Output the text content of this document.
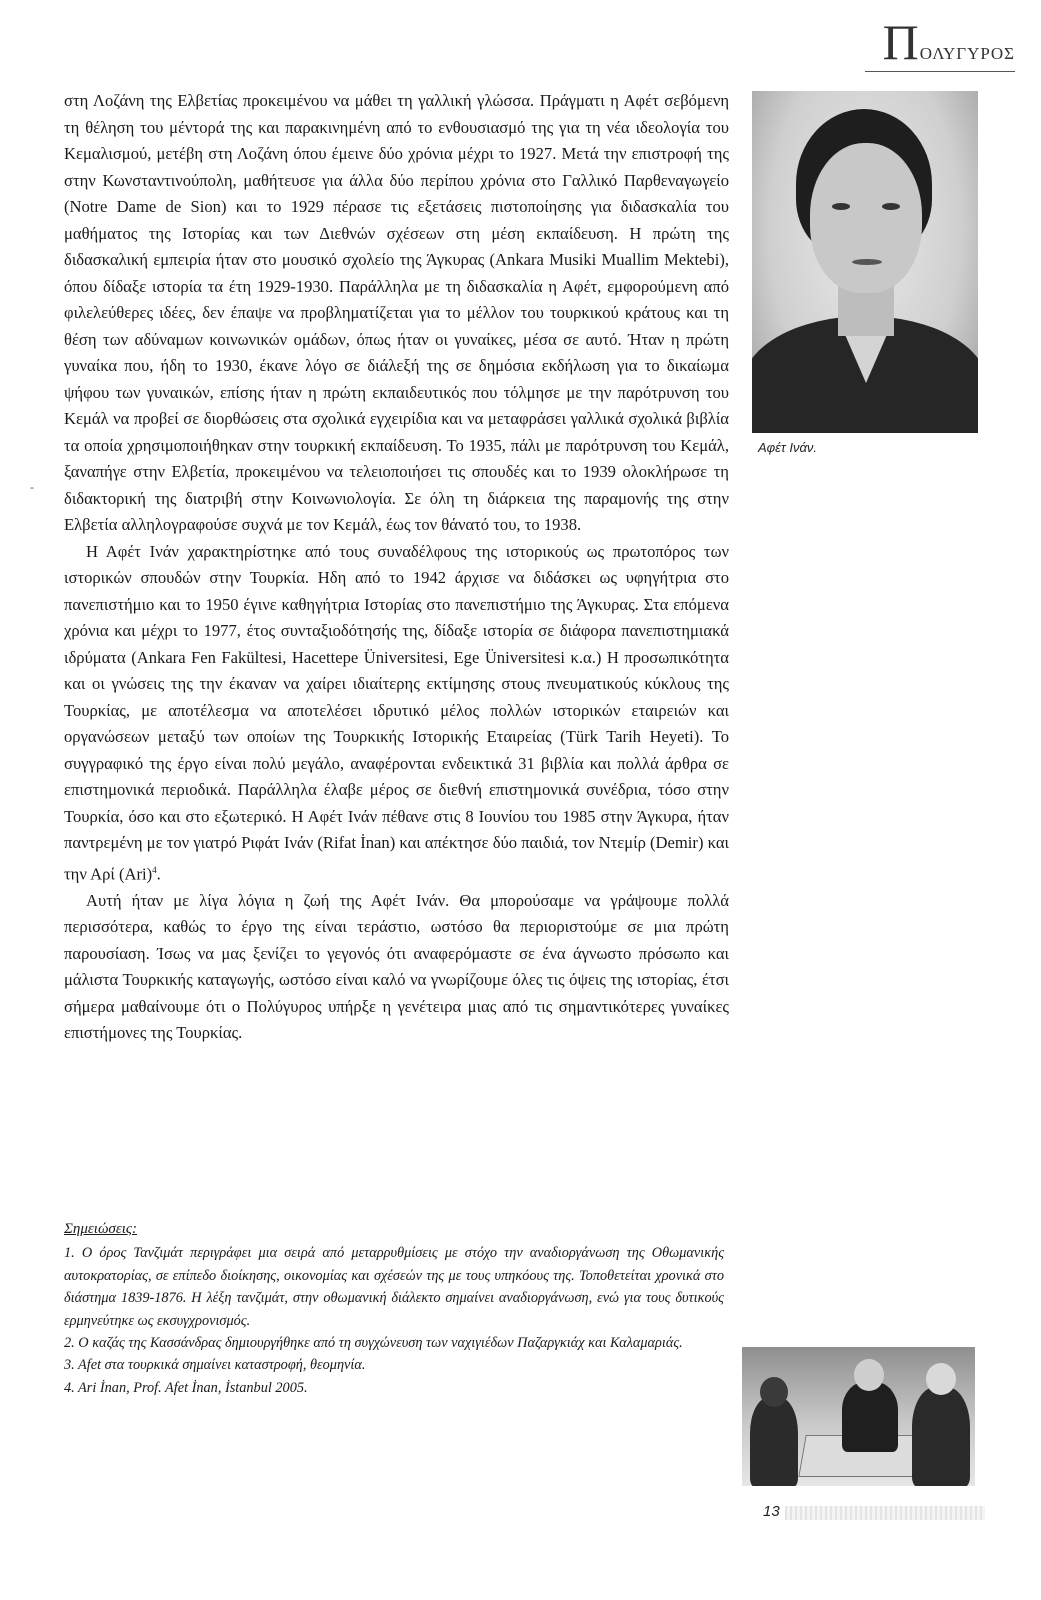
ΠΟΛΥΓΥΡΟΣ
-

στη Λοζάνη της Ελβετίας προκειμένου να μάθει τη γαλλική γλώσσα. Πράγματι η Αφέτ σεβόμενη τη θέληση του μέντορά της και παρακινημένη από το ενθουσιασμό της για τη νέα ιδεολογία του Κεμαλισμού, μετέβη στη Λοζάνη όπου έμεινε δύο χρόνια μέχρι το 1927. Μετά την επιστροφή της στην Κωνσταντινούπολη, μαθήτευσε για άλλα δύο περίπου χρόνια στο Γαλλικό Παρθεναγωγείο (Notre Dame de Sion) και το 1929 πέρασε τις εξετάσεις πιστοποίησης για διδασκαλία του μαθήματος της Ιστορίας και των Διεθνών σχέσεων στη μέση εκπαίδευση. Η πρώτη της διδασκαλική εμπειρία ήταν στο μουσικό σχολείο της Άγκυρας (Ankara Musiki Muallim Mektebi), όπου δίδαξε ιστορία τα έτη 1929-1930. Παράλληλα με τη διδασκαλία η Αφέτ, εμφορούμενη από φιλελεύθερες ιδέες, δεν έπαψε να προβληματίζεται για το μέλλον του τουρκικού κράτους και τη θέση των αδύναμων κοινωνικών ομάδων, όπως ήταν οι γυναίκες, μέσα σε αυτό. Ήταν η πρώτη γυναίκα που, ήδη το 1930, έκανε λόγο σε διάλεξή της σε δημόσια εκδήλωση για το δικαίωμα ψήφου των γυναικών, επίσης ήταν η πρώτη εκπαιδευτικός που τόλμησε με την παρότρυνση του Κεμάλ να προβεί σε διορθώσεις στα σχολικά εγχειρίδια και να μεταφράσει γαλλικά σχολικά βιβλία τα οποία χρησιμοποιήθηκαν στην τουρκική εκπαίδευση. Το 1935, πάλι με παρότρυνση του Κεμάλ, ξαναπήγε στην Ελβετία, προκειμένου να τελειοποιήσει τις σπουδές και το 1939 ολοκλήρωσε τη διδακτορική της διατριβή στην Κοινωνιολογία. Σε όλη τη διάρκεια της παραμονής της στην Ελβετία αλληλογραφούσε συχνά με τον Κεμάλ, έως τον θάνατό του, το 1938.

Η Αφέτ Ινάν χαρακτηρίστηκε από τους συναδέλφους της ιστορικούς ως πρωτοπόρος των ιστορικών σπουδών στην Τουρκία. Ηδη από το 1942 άρχισε να διδάσκει ως υφηγήτρια στο πανεπιστήμιο και το 1950 έγινε καθηγήτρια Ιστορίας στο πανεπιστήμιο της Άγκυρας. Στα επόμενα χρόνια και μέχρι το 1977, έτος συνταξιοδότησής της, δίδαξε ιστορία σε διάφορα πανεπιστημιακά ιδρύματα (Ankara Fen Fakültesi, Hacettepe Üniversitesi, Ege Üniversitesi κ.α.) Η προσωπικότητα και οι γνώσεις της την έκαναν να χαίρει ιδιαίτερης εκτίμησης στους πνευματικούς κύκλους της Τουρκίας, με αποτέλεσμα να αποτελέσει ιδρυτικό μέλος πολλών ιστορικών εταιρειών και οργανώσεων μεταξύ των οποίων της Τουρκικής Ιστορικής Εταιρείας (Türk Tarih Heyeti). Το συγγραφικό της έργο είναι πολύ μεγάλο, αναφέρονται ενδεικτικά 31 βιβλία και πολλά άρθρα σε επιστημονικά περιοδικά. Παράλληλα έλαβε μέρος σε διεθνή επιστημονικά συνέδρια, τόσο στην Τουρκία, όσο και στο εξωτερικό. Η Αφέτ Ινάν πέθανε στις 8 Ιουνίου του 1985 στην Άγκυρα, ήταν παντρεμένη με τον γιατρό Ριφάτ Ινάν (Rifat İnan) και απέκτησε δύο παιδιά, τον Ντεμίρ (Demir) και την Αρί (Ari)$^4$.

Αυτή ήταν με λίγα λόγια η ζωή της Αφέτ Ινάν. Θα μπορούσαμε να γράψουμε πολλά περισσότερα, καθώς το έργο της είναι τεράστιο, ωστόσο θα περιοριστούμε σε μια πρώτη παρουσίαση. Ίσως να μας ξενίζει το γεγονός ότι αναφερόμαστε σε ένα άγνωστο πρόσωπο και μάλιστα Τουρκικής καταγωγής, ωστόσο είναι καλό να γνωρίζουμε όλες τις όψεις της ιστορίας, έτσι σήμερα μαθαίνουμε ότι ο Πολύγυρος υπήρξε η γενέτειρα μιας από τις σημαντικότερες γυναίκες επιστήμονες της Τουρκίας.

Αφέτ Ινάν.
Σημειώσεις:

1. Ο όρος Τανζιμάτ περιγράφει μια σειρά από μεταρρυθμίσεις με στόχο την αναδιοργάνωση της Οθωμανικής αυτοκρατορίας, σε επίπεδο διοίκησης, οικονομίας και σχέσεών της με τους υπηκόους της. Τοποθετείται χρονικά στο διάστημα 1839-1876. Η λέξη τανζιμάτ, στην οθωμανική διάλεκτο σημαίνει αναδιοργάνωση, ενώ για τους δυτικούς ερμηνεύτηκε ως εκσυγχρονισμός.

2. Ο καζάς της Κασσάνδρας δημιουργήθηκε από τη συγχώνευση των ναχιγιέδων Παζαργκιάχ και Καλαμαριάς.

3. Afet στα τουρκικά σημαίνει καταστροφή, θεομηνία.

4. Ari İnan, Prof. Afet İnan, İstanbul 2005.

13
